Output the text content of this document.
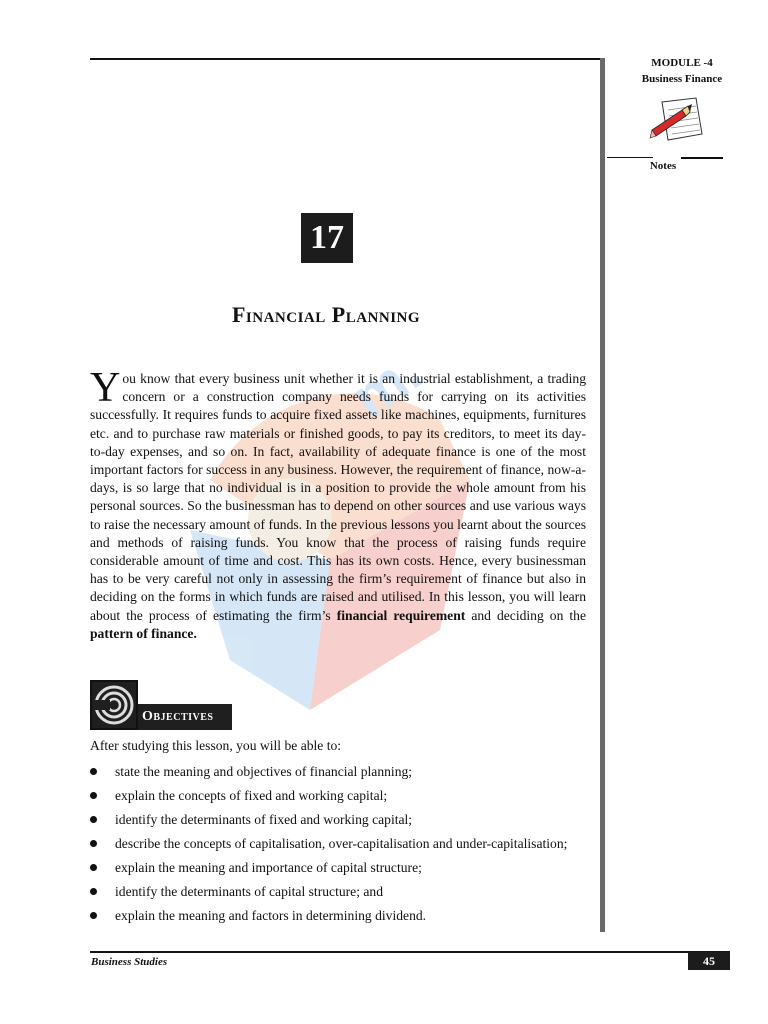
MODULE -4
Business Finance
Notes
17
Financial Planning
m.
You know that every business unit whether it is an industrial establishment, a trading concern or a construction company needs funds for carrying on its activities successfully. It requires funds to acquire fixed assets like machines, equipments, furnitures etc. and to purchase raw materials or finished goods, to pay its creditors, to meet its day-to-day expenses, and so on. In fact, availability of adequate finance is one of the most important factors for success in any business. However, the requirement of finance, now-a-days, is so large that no individual is in a position to provide the whole amount from his personal sources. So the businessman has to depend on other sources and use various ways to raise the necessary amount of funds. In the previous lessons you learnt about the sources and methods of raising funds. You know that the process of raising funds require considerable amount of time and cost. This has its own costs. Hence, every businessman has to be very careful not only in assessing the firm’s requirement of finance but also in deciding on the forms in which funds are raised and utilised. In this lesson, you will learn about the process of estimating the firm’s financial requirement and deciding on the pattern of finance.
Objectives
After studying this lesson, you will be able to:
state the meaning and objectives of financial planning;
explain the concepts of fixed and working capital;
identify the determinants of fixed and working capital;
describe the concepts of capitalisation, over-capitalisation and under-capitalisation;
explain the meaning and importance of capital structure;
identify the determinants of capital structure; and
explain the meaning and factors in determining dividend.
Business Studies	45
